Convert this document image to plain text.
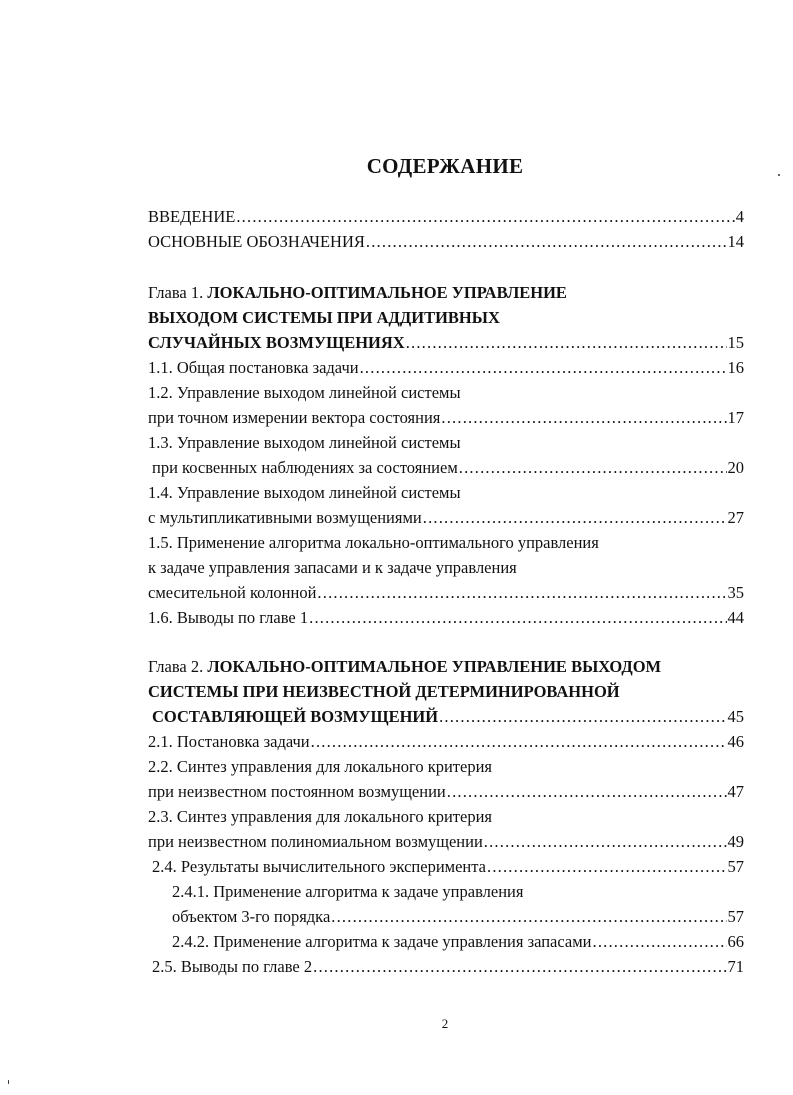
СОДЕРЖАНИЕ
ВВЕДЕНИЕ .....	4
ОСНОВНЫЕ ОБОЗНАЧЕНИЯ .....	14
Глава 1. ЛОКАЛЬНО-ОПТИМАЛЬНОЕ УПРАВЛЕНИЕ
ВЫХОДОМ СИСТЕМЫ ПРИ АДДИТИВНЫХ
СЛУЧАЙНЫХ ВОЗМУЩЕНИЯХ .....	15
1.1. Общая постановка задачи .....	16
1.2. Управление выходом линейной системы
при точном измерении вектора состояния .....	17
1.3. Управление выходом линейной системы
при косвенных наблюдениях за состоянием .....	20
1.4. Управление выходом линейной системы
с мультипликативными возмущениями .....	27
1.5. Применение алгоритма локально-оптимального управления
к задаче управления запасами и к задаче управления
смесительной колонной .....	35
1.6. Выводы по главе 1 .....	44
Глава 2. ЛОКАЛЬНО-ОПТИМАЛЬНОЕ УПРАВЛЕНИЕ ВЫХОДОМ
СИСТЕМЫ ПРИ НЕИЗВЕСТНОЙ ДЕТЕРМИНИРОВАННОЙ
СОСТАВЛЯЮЩЕЙ ВОЗМУЩЕНИЙ .....	45
2.1. Постановка задачи .....	46
2.2. Синтез управления для локального критерия
при неизвестном постоянном возмущении .....	47
2.3. Синтез управления для локального критерия
при неизвестном полиномиальном возмущении .....	49
2.4. Результаты вычислительного эксперимента .....	57
2.4.1. Применение алгоритма к задаче управления
объектом 3-го порядка .....	57
2.4.2. Применение алгоритма к задаче управления запасами .....	66
2.5. Выводы по главе 2 .....	71
2
